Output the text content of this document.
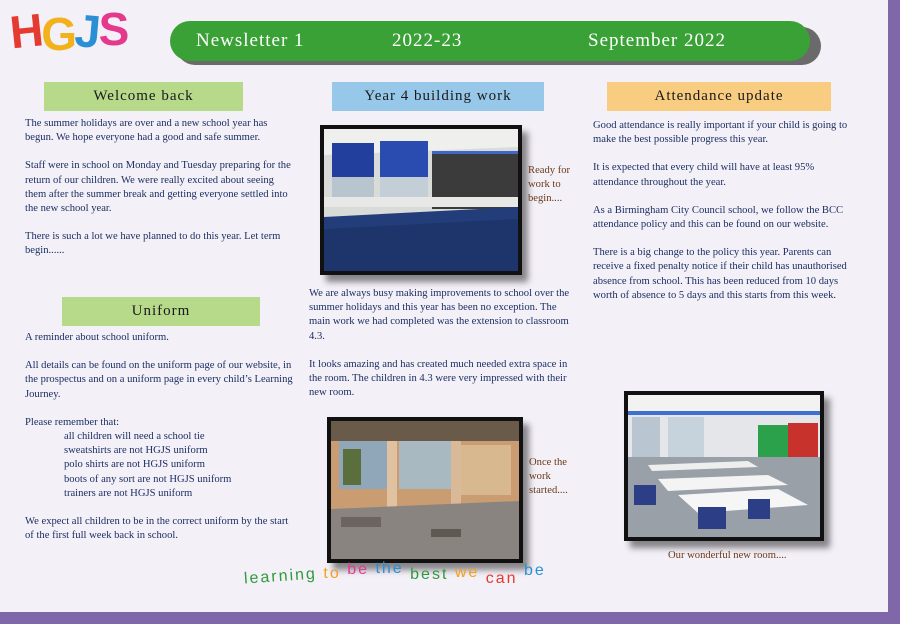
HGJS	Newsletter 1	2022-23	September 2022
Welcome back

The summer holidays are over and a new school year has begun. We hope everyone had a good and safe summer.

Staff were in school on Monday and Tuesday preparing for the return of our children. We were really excited about seeing them after the summer break and getting everyone settled into the new school year.

There is such a lot we have planned to do this year. Let term begin......

Uniform

A reminder about school uniform.

All details can be found on the uniform page of our website, in the prospectus and on a uniform page in every child’s Learning Journey.

Please remember that:

all children will need a school tie
sweatshirts are not HGJS uniform
polo shirts are not HGJS uniform
boots of any sort are not HGJS uniform
trainers are not HGJS uniform

We expect all children to be in the correct uniform by the start of the first full week back in school.

Year 4 building work
Ready for work to begin....

We are always busy making improvements to school over the summer holidays and this year has been no exception. The main work we had completed was the extension to classroom 4.3.

It looks amazing and has created much needed extra space in the room. The children in 4.3 were very impressed with their new room.

Once the work started....
Attendance update

Good attendance is really important if your child is going to make the best possible progress this year.

It is expected that every child will have at least 95% attendance throughout the year.

As a Birmingham City Council school, we follow the BCC attendance policy and this can be found on our website.

There is a big change to the policy this year. Parents can receive a fixed penalty notice if their child has unauthorised absence from school. This has been reduced from 10 days worth of absence to 5 days and this starts from this week.

Our wonderful new room....
learning to be the best we can be
